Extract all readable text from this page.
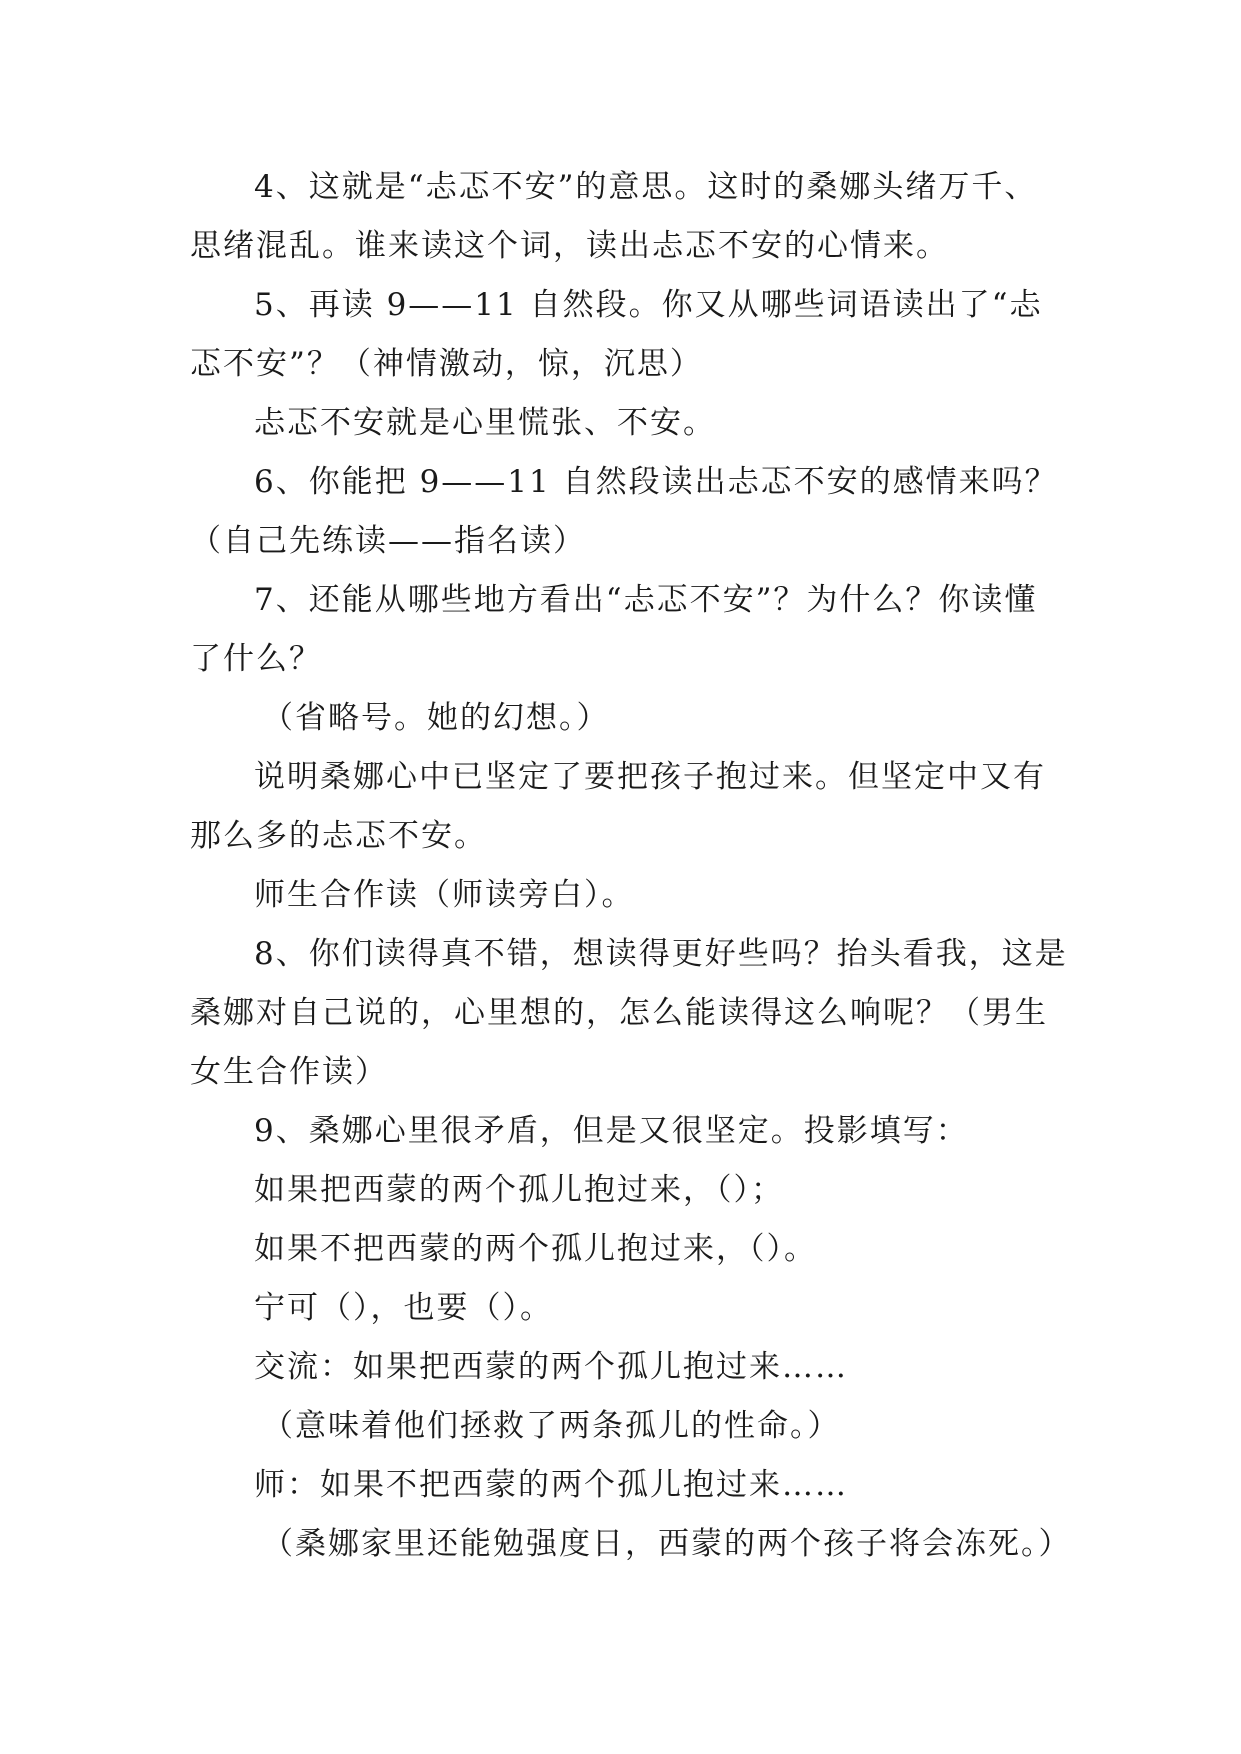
4、这就是“忐忑不安”的意思。这时的桑娜头绪万千、思绪混乱。谁来读这个词，读出忐忑不安的心情来。

5、再读 9——11 自然段。你又从哪些词语读出了“忐忑不安”？（神情激动，惊，沉思）

忐忑不安就是心里慌张、不安。

6、你能把 9——11 自然段读出忐忑不安的感情来吗？（自己先练读——指名读）

7、还能从哪些地方看出“忐忑不安”？为什么？你读懂了什么？

（省略号。她的幻想。）

说明桑娜心中已坚定了要把孩子抱过来。但坚定中又有那么多的忐忑不安。

师生合作读（师读旁白）。

8、你们读得真不错，想读得更好些吗？抬头看我，这是桑娜对自己说的，心里想的，怎么能读得这么响呢？（男生女生合作读）

9、桑娜心里很矛盾，但是又很坚定。投影填写：

如果把西蒙的两个孤儿抱过来，（）；

如果不把西蒙的两个孤儿抱过来，（）。

宁可（），也要（）。

交流：如果把西蒙的两个孤儿抱过来……

（意味着他们拯救了两条孤儿的性命。）

师：如果不把西蒙的两个孤儿抱过来……

（桑娜家里还能勉强度日，西蒙的两个孩子将会冻死。）
